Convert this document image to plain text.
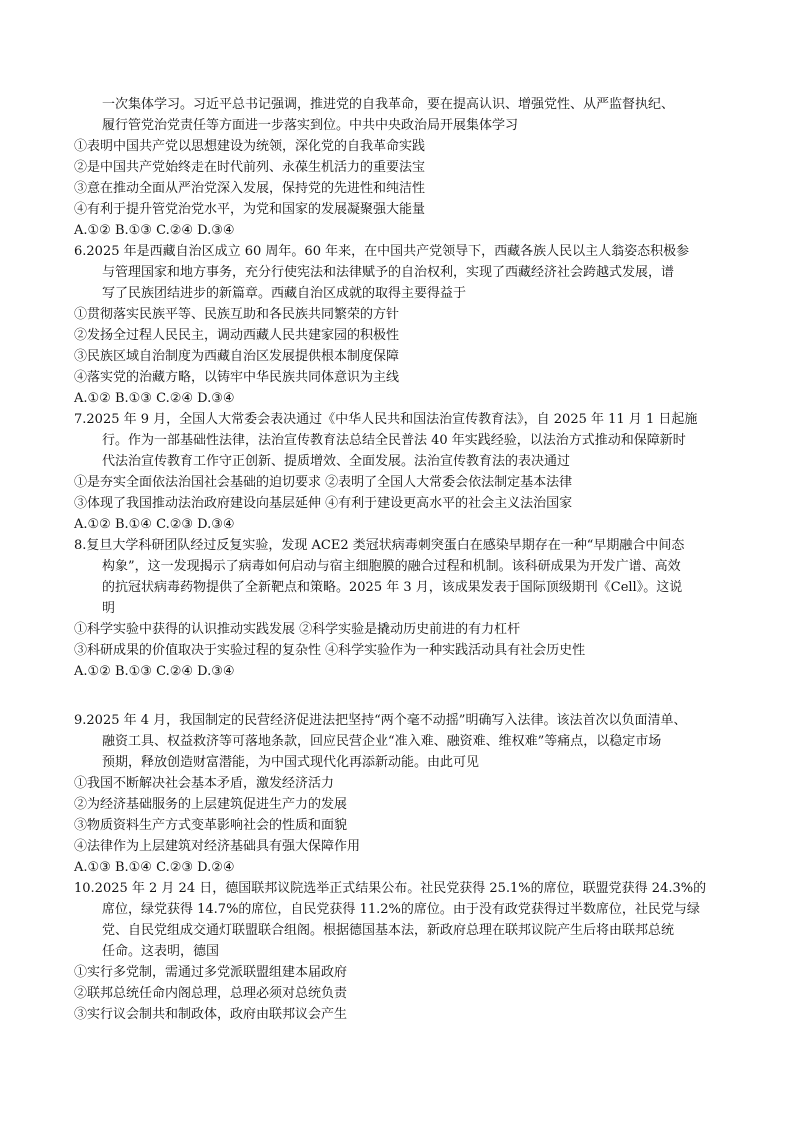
一次集体学习。习近平总书记强调，推进党的自我革命，要在提高认识、增强党性、从严监督执纪、
履行管党治党责任等方面进一步落实到位。中共中央政治局开展集体学习
①表明中国共产党以思想建设为统领，深化党的自我革命实践
②是中国共产党始终走在时代前列、永葆生机活力的重要法宝
③意在推动全面从严治党深入发展，保持党的先进性和纯洁性
④有利于提升管党治党水平，为党和国家的发展凝聚强大能量
A.①② B.①③ C.②④ D.③④
6.2025 年是西藏自治区成立 60 周年。60 年来，在中国共产党领导下，西藏各族人民以主人翁姿态积极参
与管理国家和地方事务，充分行使宪法和法律赋予的自治权利，实现了西藏经济社会跨越式发展，谱
写了民族团结进步的新篇章。西藏自治区成就的取得主要得益于
①贯彻落实民族平等、民族互助和各民族共同繁荣的方针
②发扬全过程人民民主，调动西藏人民共建家园的积极性
③民族区域自治制度为西藏自治区发展提供根本制度保障
④落实党的治藏方略，以铸牢中华民族共同体意识为主线
A.①② B.①③ C.②④ D.③④
7.2025 年 9 月，全国人大常委会表决通过《中华人民共和国法治宣传教育法》，自 2025 年 11 月 1 日起施
行。作为一部基础性法律，法治宣传教育法总结全民普法 40 年实践经验，以法治方式推动和保障新时
代法治宣传教育工作守正创新、提质增效、全面发展。法治宣传教育法的表决通过
①是夯实全面依法治国社会基础的迫切要求 ②表明了全国人大常委会依法制定基本法律
③体现了我国推动法治政府建设向基层延伸 ④有利于建设更高水平的社会主义法治国家
A.①② B.①④ C.②③ D.③④
8.复旦大学科研团队经过反复实验，发现 ACE2 类冠状病毒刺突蛋白在感染早期存在一种“早期融合中间态
构象”，这一发现揭示了病毒如何启动与宿主细胞膜的融合过程和机制。该科研成果为开发广谱、高效
的抗冠状病毒药物提供了全新靶点和策略。2025 年 3 月，该成果发表于国际顶级期刊《Cell》。这说
明
①科学实验中获得的认识推动实践发展 ②科学实验是撬动历史前进的有力杠杆
③科研成果的价值取决于实验过程的复杂性 ④科学实验作为一种实践活动具有社会历史性
A.①② B.①③ C.②④ D.③④
9.2025 年 4 月，我国制定的民营经济促进法把坚持“两个毫不动摇”明确写入法律。该法首次以负面清单、
融资工具、权益救济等可落地条款，回应民营企业“准入难、融资难、维权难”等痛点，以稳定市场
预期，释放创造财富潜能，为中国式现代化再添新动能。由此可见
①我国不断解决社会基本矛盾，激发经济活力
②为经济基础服务的上层建筑促进生产力的发展
③物质资料生产方式变革影响社会的性质和面貌
④法律作为上层建筑对经济基础具有强大保障作用
A.①③ B.①④ C.②③ D.②④
10.2025 年 2 月 24 日，德国联邦议院选举正式结果公布。社民党获得 25.1%的席位，联盟党获得 24.3%的
席位，绿党获得 14.7%的席位，自民党获得 11.2%的席位。由于没有政党获得过半数席位，社民党与绿
党、自民党组成交通灯联盟联合组阁。根据德国基本法，新政府总理在联邦议院产生后将由联邦总统
任命。这表明，德国
①实行多党制，需通过多党派联盟组建本届政府
②联邦总统任命内阁总理，总理必须对总统负责
③实行议会制共和制政体，政府由联邦议会产生
